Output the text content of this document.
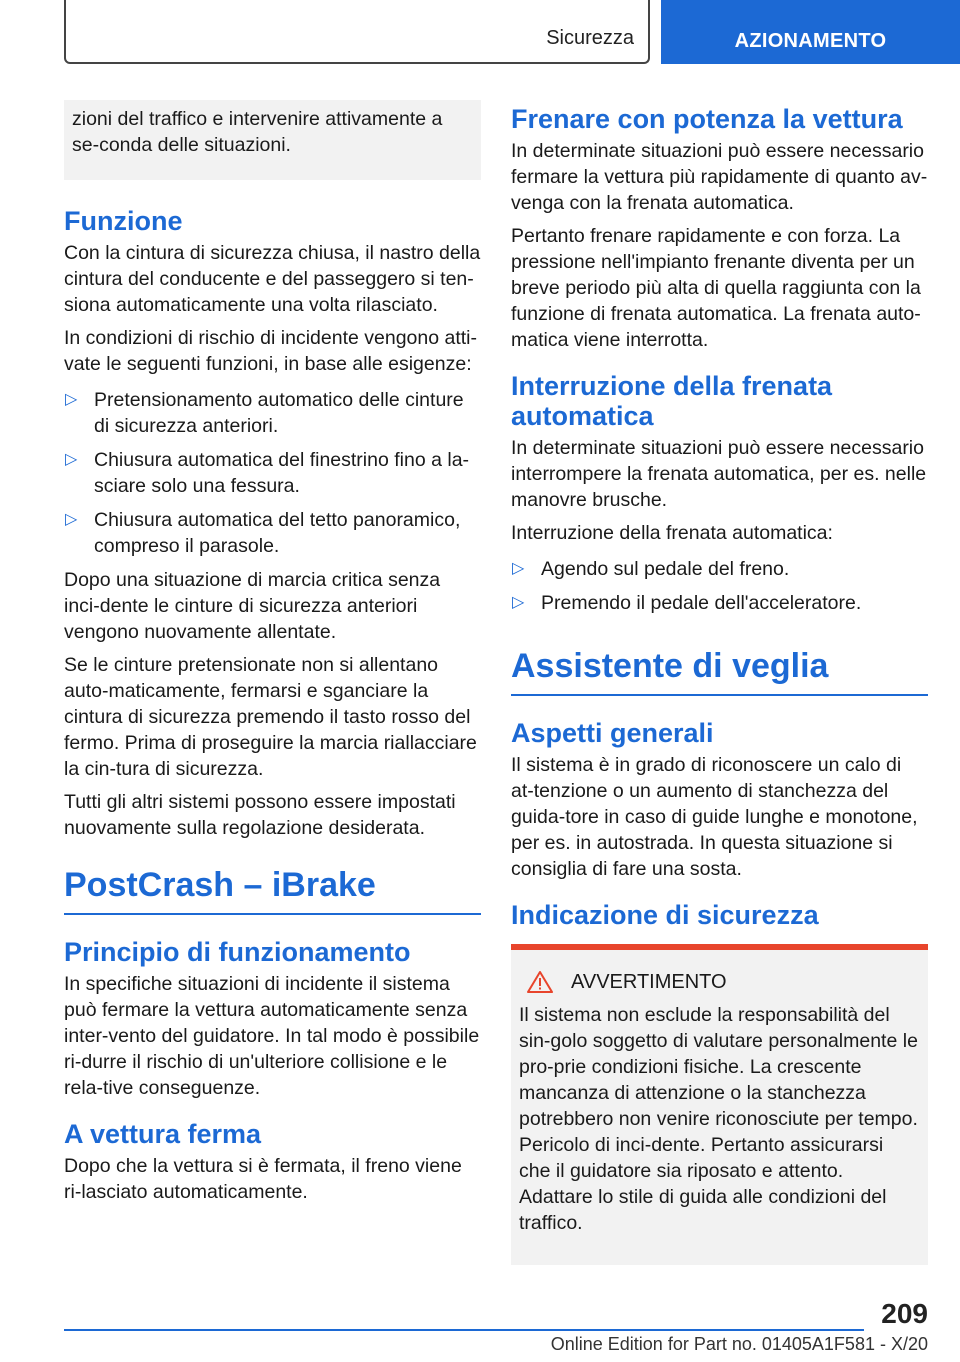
Sicurezza	AZIONAMENTO

zioni del traffico e intervenire attivamente a se-conda delle situazioni.

Funzione

Con la cintura di sicurezza chiusa, il nastro della cintura del conducente e del passeggero si ten-siona automaticamente una volta rilasciato.

In condizioni di rischio di incidente vengono atti-vate le seguenti funzioni, in base alle esigenze:

▷ Pretensionamento automatico delle cinture di sicurezza anteriori.
▷ Chiusura automatica del finestrino fino a la-sciare solo una fessura.
▷ Chiusura automatica del tetto panoramico, compreso il parasole.

Dopo una situazione di marcia critica senza inci-dente le cinture di sicurezza anteriori vengono nuovamente allentate.

Se le cinture pretensionate non si allentano auto-maticamente, fermarsi e sganciare la cintura di sicurezza premendo il tasto rosso del fermo. Prima di proseguire la marcia riallacciare la cin-tura di sicurezza.

Tutti gli altri sistemi possono essere impostati nuovamente sulla regolazione desiderata.

PostCrash – iBrake
Principio di funzionamento

In specifiche situazioni di incidente il sistema può fermare la vettura automaticamente senza inter-vento del guidatore. In tal modo è possibile ri-durre il rischio di un'ulteriore collisione e le rela-tive conseguenze.

A vettura ferma

Dopo che la vettura si è fermata, il freno viene ri-lasciato automaticamente.

Frenare con potenza la vettura

In determinate situazioni può essere necessario fermare la vettura più rapidamente di quanto av-venga con la frenata automatica.

Pertanto frenare rapidamente e con forza. La pressione nell'impianto frenante diventa per un breve periodo più alta di quella raggiunta con la funzione di frenata automatica. La frenata auto-matica viene interrotta.

Interruzione della frenata automatica

In determinate situazioni può essere necessario interrompere la frenata automatica, per es. nelle manovre brusche.

Interruzione della frenata automatica:

▷ Agendo sul pedale del freno.
▷ Premendo il pedale dell'acceleratore.
Assistente di veglia
Aspetti generali

Il sistema è in grado di riconoscere un calo di at-tenzione o un aumento di stanchezza del guida-tore in caso di guide lunghe e monotone, per es. in autostrada. In questa situazione si consiglia di fare una sosta.

Indicazione di sicurezza
AVVERTIMENTO

Il sistema non esclude la responsabilità del sin-golo soggetto di valutare personalmente le pro-prie condizioni fisiche. La crescente mancanza di attenzione o la stanchezza potrebbero non venire riconosciute per tempo. Pericolo di inci-dente. Pertanto assicurarsi che il guidatore sia riposato e attento. Adattare lo stile di guida alle condizioni del traffico.

209
Online Edition for Part no. 01405A1F581 - X/20
